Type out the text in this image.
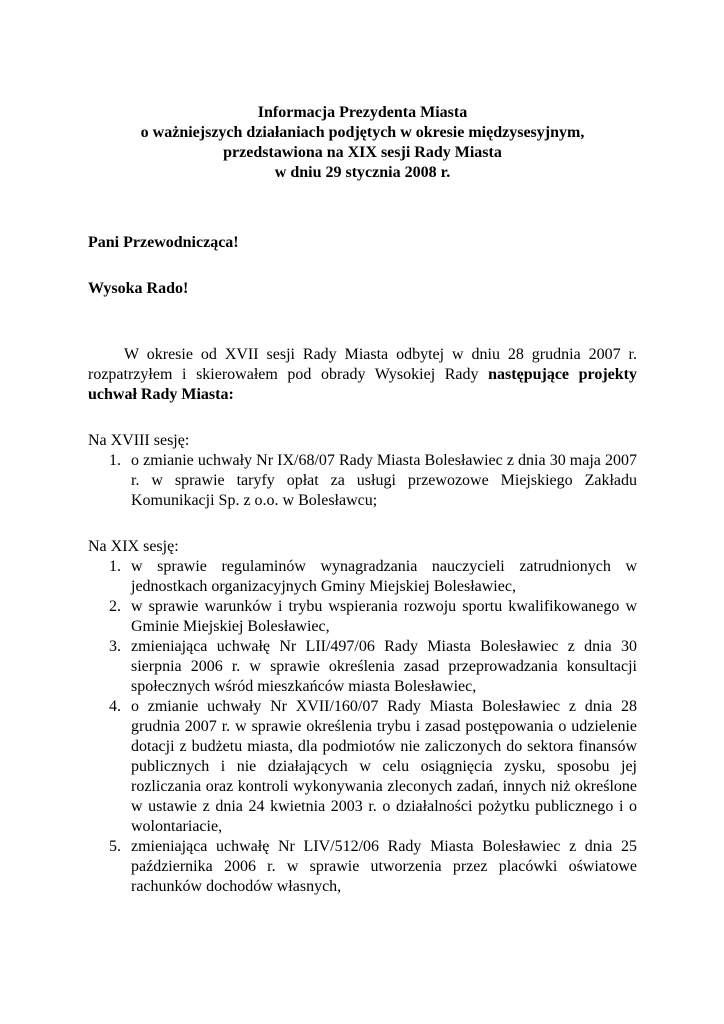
Informacja Prezydenta Miasta
o ważniejszych działaniach podjętych w okresie międzysesyjnym,
przedstawiona na XIX sesji Rady Miasta
w dniu 29 stycznia 2008 r.

Pani Przewodnicząca!

Wysoka Rado!

W okresie od XVII sesji Rady Miasta odbytej w dniu 28 grudnia 2007 r. rozpatrzyłem i skierowałem pod obrady Wysokiej Rady następujące projekty uchwał Rady Miasta:

Na XVIII sesję:

1. o zmianie uchwały Nr IX/68/07 Rady Miasta Bolesławiec z dnia 30 maja 2007 r. w sprawie taryfy opłat za usługi przewozowe Miejskiego Zakładu Komunikacji Sp. z o.o. w Bolesławcu;

Na XIX sesję:

1. w sprawie regulaminów wynagradzania nauczycieli zatrudnionych w jednostkach organizacyjnych Gminy Miejskiej Bolesławiec,
2. w sprawie warunków i trybu wspierania rozwoju sportu kwalifikowanego w Gminie Miejskiej Bolesławiec,
3. zmieniająca uchwałę Nr LII/497/06 Rady Miasta Bolesławiec z dnia 30 sierpnia 2006 r. w sprawie określenia zasad przeprowadzania konsultacji społecznych wśród mieszkańców miasta Bolesławiec,
4. o zmianie uchwały Nr XVII/160/07 Rady Miasta Bolesławiec z dnia 28 grudnia 2007 r. w sprawie określenia trybu i zasad postępowania o udzielenie dotacji z budżetu miasta, dla podmiotów nie zaliczonych do sektora finansów publicznych i nie działających w celu osiągnięcia zysku, sposobu jej rozliczania oraz kontroli wykonywania zleconych zadań, innych niż określone w ustawie z dnia 24 kwietnia 2003 r. o działalności pożytku publicznego i o wolontariacie,
5. zmieniająca uchwałę Nr LIV/512/06 Rady Miasta Bolesławiec z dnia 25 października 2006 r. w sprawie utworzenia przez placówki oświatowe rachunków dochodów własnych,
